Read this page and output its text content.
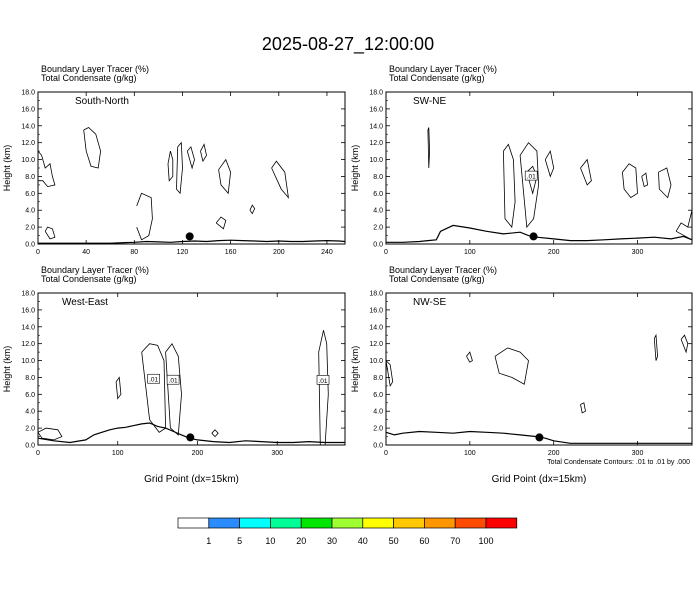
2025-08-27_12:00:00
Boundary Layer Tracer (%)
Total Condensate (g/kg)
0.0
2.0
4.0
6.0
8.0
10.0
12.0
14.0
16.0
18.0
0	40	80	120	160	200	240
Height (km)
South-North
Boundary Layer Tracer (%)
Total Condensate (g/kg)
0.0
2.0
4.0
6.0
8.0
10.0
12.0
14.0
16.0
18.0
0	100	200	300
Height (km)
SW-NE
.01
Boundary Layer Tracer (%)
Total Condensate (g/kg)
0.0
2.0
4.0
6.0
8.0
10.0
12.0
14.0
16.0
18.0
0	100	200	300
Height (km)
Grid Point (dx=15km)
West-East
.01 .01	.01
Boundary Layer Tracer (%)
Total Condensate (g/kg)
0.0
2.0
4.0
6.0
8.0
10.0
12.0
14.0
16.0
18.0
0	100	200	300
Height (km)
Grid Point (dx=15km)
NW-SE
Total Condensate Contours: .01 to .01 by .000
1	5	10 20 30 40 50 60 70 100
